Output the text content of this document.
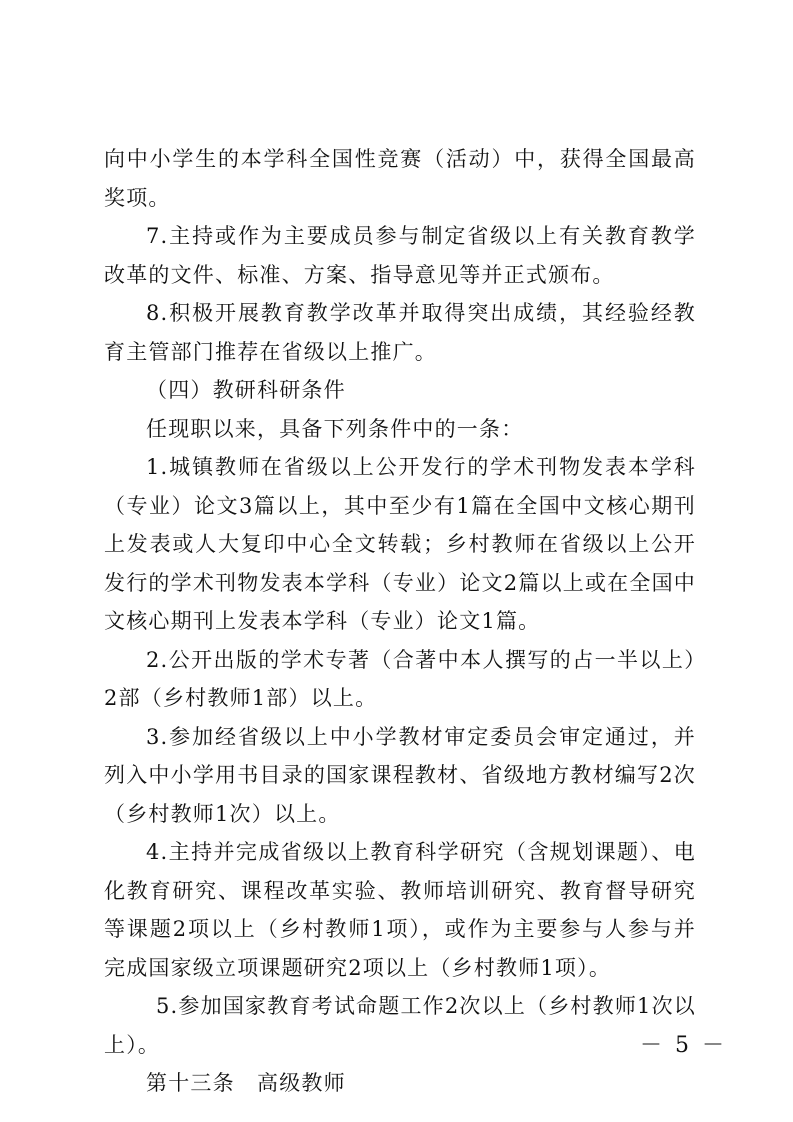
向中小学生的本学科全国性竞赛（活动）中，获得全国最高奖项。

7.主持或作为主要成员参与制定省级以上有关教育教学改革的文件、标准、方案、指导意见等并正式颁布。

8.积极开展教育教学改革并取得突出成绩，其经验经教育主管部门推荐在省级以上推广。

（四）教研科研条件

任现职以来，具备下列条件中的一条：

1.城镇教师在省级以上公开发行的学术刊物发表本学科（专业）论文3篇以上，其中至少有1篇在全国中文核心期刊上发表或人大复印中心全文转载；乡村教师在省级以上公开发行的学术刊物发表本学科（专业）论文2篇以上或在全国中文核心期刊上发表本学科（专业）论文1篇。

2.公开出版的学术专著（合著中本人撰写的占一半以上）2部（乡村教师1部）以上。

3.参加经省级以上中小学教材审定委员会审定通过，并列入中小学用书目录的国家课程教材、省级地方教材编写2次（乡村教师1次）以上。

4.主持并完成省级以上教育科学研究（含规划课题）、电化教育研究、课程改革实验、教师培训研究、教育督导研究等课题2项以上（乡村教师1项），或作为主要参与人参与并完成国家级立项课题研究2项以上（乡村教师1项）。

5.参加国家教育考试命题工作2次以上（乡村教师1次以上）。

第十三条　高级教师

－ 5 －
